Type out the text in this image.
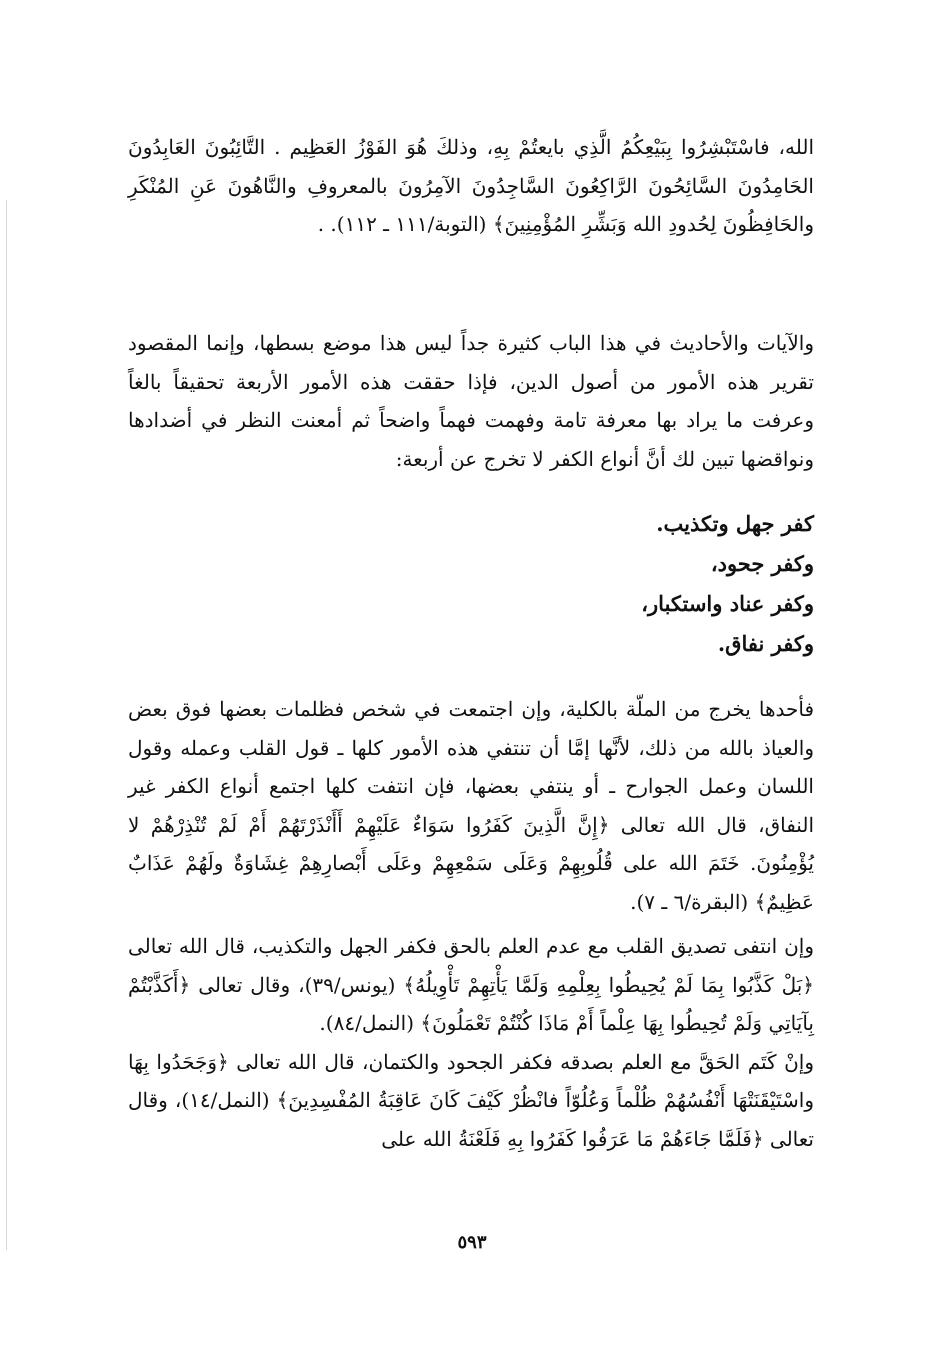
الله، فاسْتَبْشِرُوا بِبَيْعِكُمُ الَّذِي بايعتُمْ بِهِ، وذلكَ هُوَ الفَوْزُ العَظِيم . التَّائِبُونَ العَابِدُونَ الحَامِدُونَ السَّائِحُونَ الرَّاكِعُونَ السَّاجِدُونَ الآمِرُونَ بالمعروفِ والنَّاهُونَ عَنِ المُنْكَرِ والحَافِظُونَ لِحُدودِ الله وَبَشِّرِ المُؤْمِنِينَ﴾ (التوبة/١١١ ـ ١١٢). .

والآيات والأحاديث في هذا الباب كثيرة جداً ليس هذا موضع بسطها، وإنما المقصود تقرير هذه الأمور من أصول الدين، فإذا حققت هذه الأمور الأربعة تحقيقاً بالغاً وعرفت ما يراد بها معرفة تامة وفهمت فهماً واضحاً ثم أمعنت النظر في أضدادها ونواقضها تبين لك أنَّ أنواع الكفر لا تخرج عن أربعة:

كفر جهل وتكذيب.
وكفر جحود،
وكفر عناد واستكبار،
وكفر نفاق.

فأحدها يخرج من الملّة بالكلية، وإن اجتمعت في شخص فظلمات بعضها فوق بعض والعياذ بالله من ذلك، لأنَّها إمَّا أن تنتفي هذه الأمور كلها ـ قول القلب وعمله وقول اللسان وعمل الجوارح ـ أو ينتفي بعضها، فإن انتفت كلها اجتمع أنواع الكفر غير النفاق، قال الله تعالى ﴿إِنَّ الَّذِينَ كَفَرُوا سَوَاءٌ عَلَيْهِمْ أَأَنْذَرْتَهُمْ أَمْ لَمْ تُنْذِرْهُمْ لا يُؤْمِنُونَ. خَتَمَ الله على قُلُوبِهِمْ وَعَلَى سَمْعِهِمْ وعَلَى أَبْصارِهِمْ غِشَاوَةٌ ولَهُمْ عَذَابٌ عَظِيمٌ﴾ (البقرة/٦ ـ ٧).

وإن انتفى تصديق القلب مع عدم العلم بالحق فكفر الجهل والتكذيب، قال الله تعالى ﴿بَلْ كَذَّبُوا بِمَا لَمْ يُحِيطُوا بِعِلْمِهِ وَلَمَّا يَأْتِهِمْ تَأْوِيلُهُ﴾ (يونس/٣٩)، وقال تعالى ﴿أَكَذَّبْتُمْ بِآيَاتِي وَلَمْ تُحِيطُوا بِهَا عِلْماً أَمْ مَاذَا كُنْتُمْ تَعْمَلُونَ﴾ (النمل/٨٤).

وإنْ كَتَم الحَقَّ مع العلم بصدقه فكفر الجحود والكتمان، قال الله تعالى ﴿وَجَحَدُوا بِهَا واسْتَيْقَنَتْهَا أَنْفُسُهُمْ ظُلْماً وَعُلُوّاً فانْظُرْ كَيْفَ كَانَ عَاقِبَةُ المُفْسِدِينَ﴾ (النمل/١٤)، وقال تعالى ﴿فَلَمَّا جَاءَهُمْ مَا عَرَفُوا كَفَرُوا بِهِ فَلَعْنَةُ الله على

٥٩٣
